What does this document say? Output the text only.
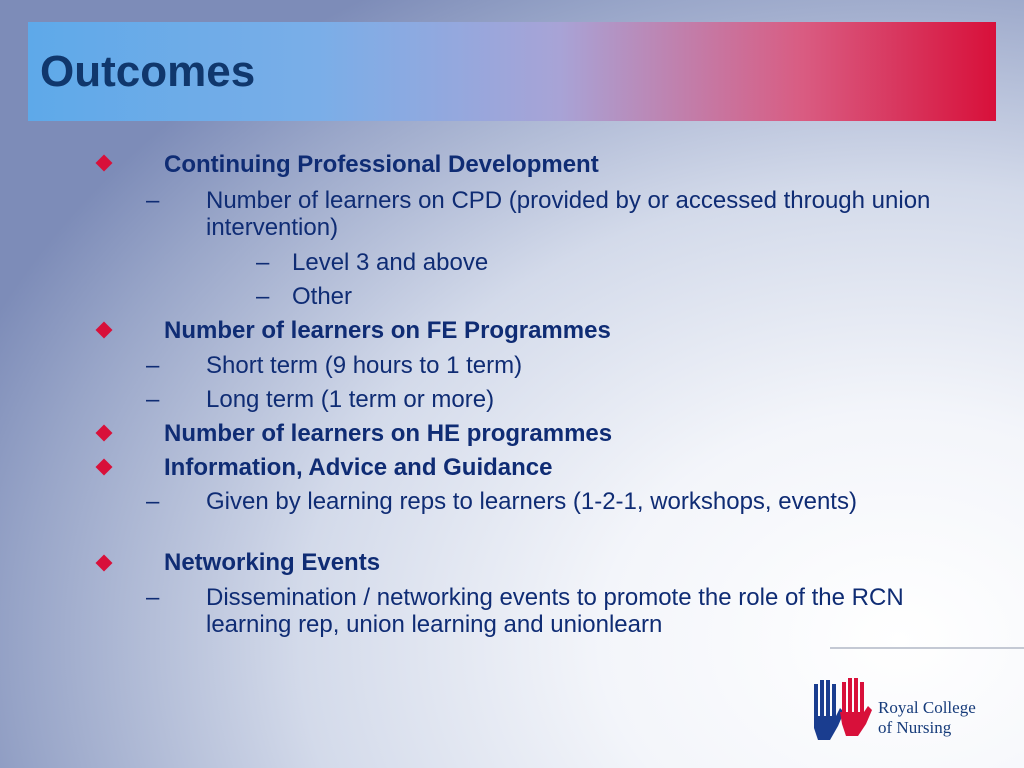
Outcomes
Continuing Professional Development
– Number of learners on CPD (provided by or accessed through union intervention)
– Level 3 and above
– Other
Number of learners on FE Programmes
– Short term (9 hours to 1 term)
– Long term (1 term or more)
Number of learners on HE programmes
Information, Advice and Guidance
– Given by learning reps to learners (1-2-1, workshops, events)
Networking Events
– Dissemination / networking events to promote the role of the RCN learning rep, union learning and unionlearn
Royal College
of Nursing
